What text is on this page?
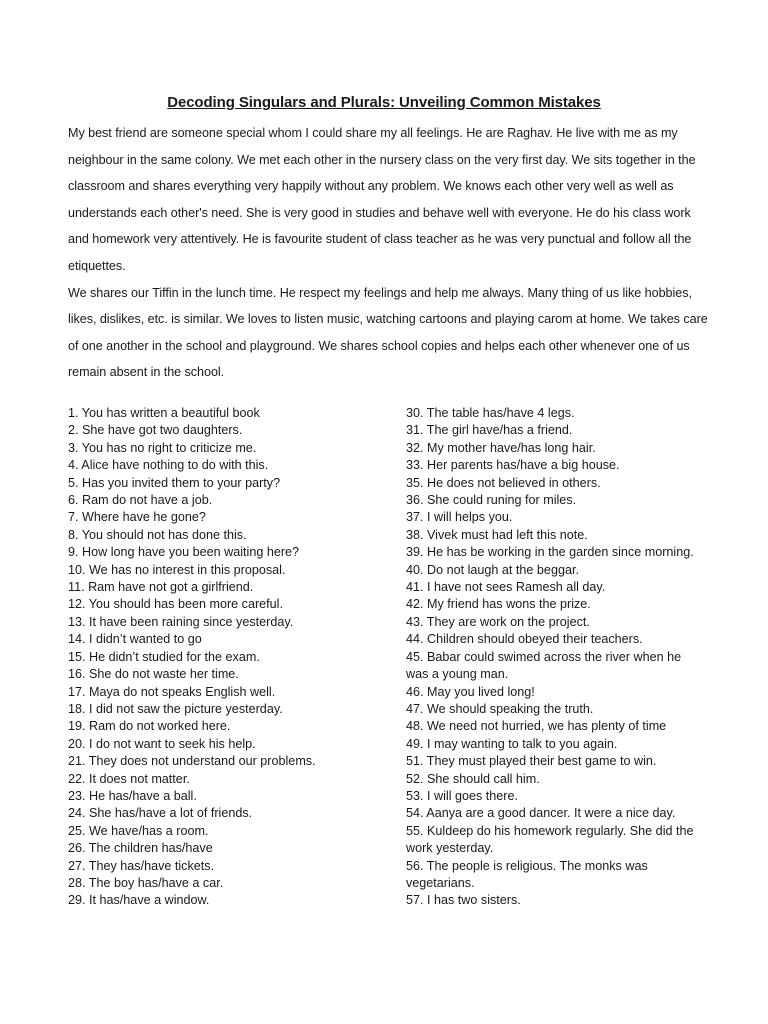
Decoding Singulars and Plurals: Unveiling Common Mistakes

My best friend are someone special whom I could share my all feelings. He are Raghav. He live with me as my neighbour in the same colony. We met each other in the nursery class on the very first day. We sits together in the classroom and shares everything very happily without any problem. We knows each other very well as well as understands each other's need. She is very good in studies and behave well with everyone. He do his class work and homework very attentively. He is favourite student of class teacher as he was very punctual and follow all the etiquettes.

We shares our Tiffin in the lunch time. He respect my feelings and help me always. Many thing of us like hobbies, likes, dislikes, etc. is similar. We loves to listen music, watching cartoons and playing carom at home. We takes care of one another in the school and playground. We shares school copies and helps each other whenever one of us remain absent in the school.

1. You has written a beautiful book
2. She have got two daughters.
3. You has no right to criticize me.
4. Alice have nothing to do with this.
5. Has you invited them to your party?
6. Ram do not have a job.
7. Where have he gone?
8. You should not has done this.
9. How long have you been waiting here?
10. We has no interest in this proposal.
11. Ram have not got a girlfriend.
12. You should has been more careful.
13. It have been raining since yesterday.
14. I didn’t wanted to go
15. He didn’t studied for the exam.
16. She do not waste her time.
17. Maya do not speaks English well.
18. I did not saw the picture yesterday.
19. Ram do not worked here.
20. I do not want to seek his help.
21. They does not understand our problems.
22. It does not matter.
23. He has/have a ball.
24. She has/have a lot of friends.
25. We have/has a room.
26. The children has/have
27. They has/have tickets.
28. The boy has/have a car.
29. It has/have a window.
30. The table has/have 4 legs.
31. The girl have/has a friend.
32. My mother have/has long hair.
33. Her parents has/have a big house.
35. He does not believed in others.
36. She could runing for miles.
37. I will helps you.
38. Vivek must had left this note.
39. He has be working in the garden since morning.
40. Do not laugh at the beggar.
41. I have not sees Ramesh all day.
42. My friend has wons the prize.
43. They are work on the project.
44. Children should obeyed their teachers.
45. Babar could swimed across the river when he was a young man.
46. May you lived long!
47. We should speaking the truth.
48. We need not hurried, we has plenty of time
49. I may wanting to talk to you again.
51. They must played their best game to win.
52. She should call him.
53. I will goes there.
54. Aanya are a good dancer. It were a nice day.
55. Kuldeep do his homework regularly. She did the work yesterday.
56. The people is religious. The monks was vegetarians.
57. I has two sisters.
